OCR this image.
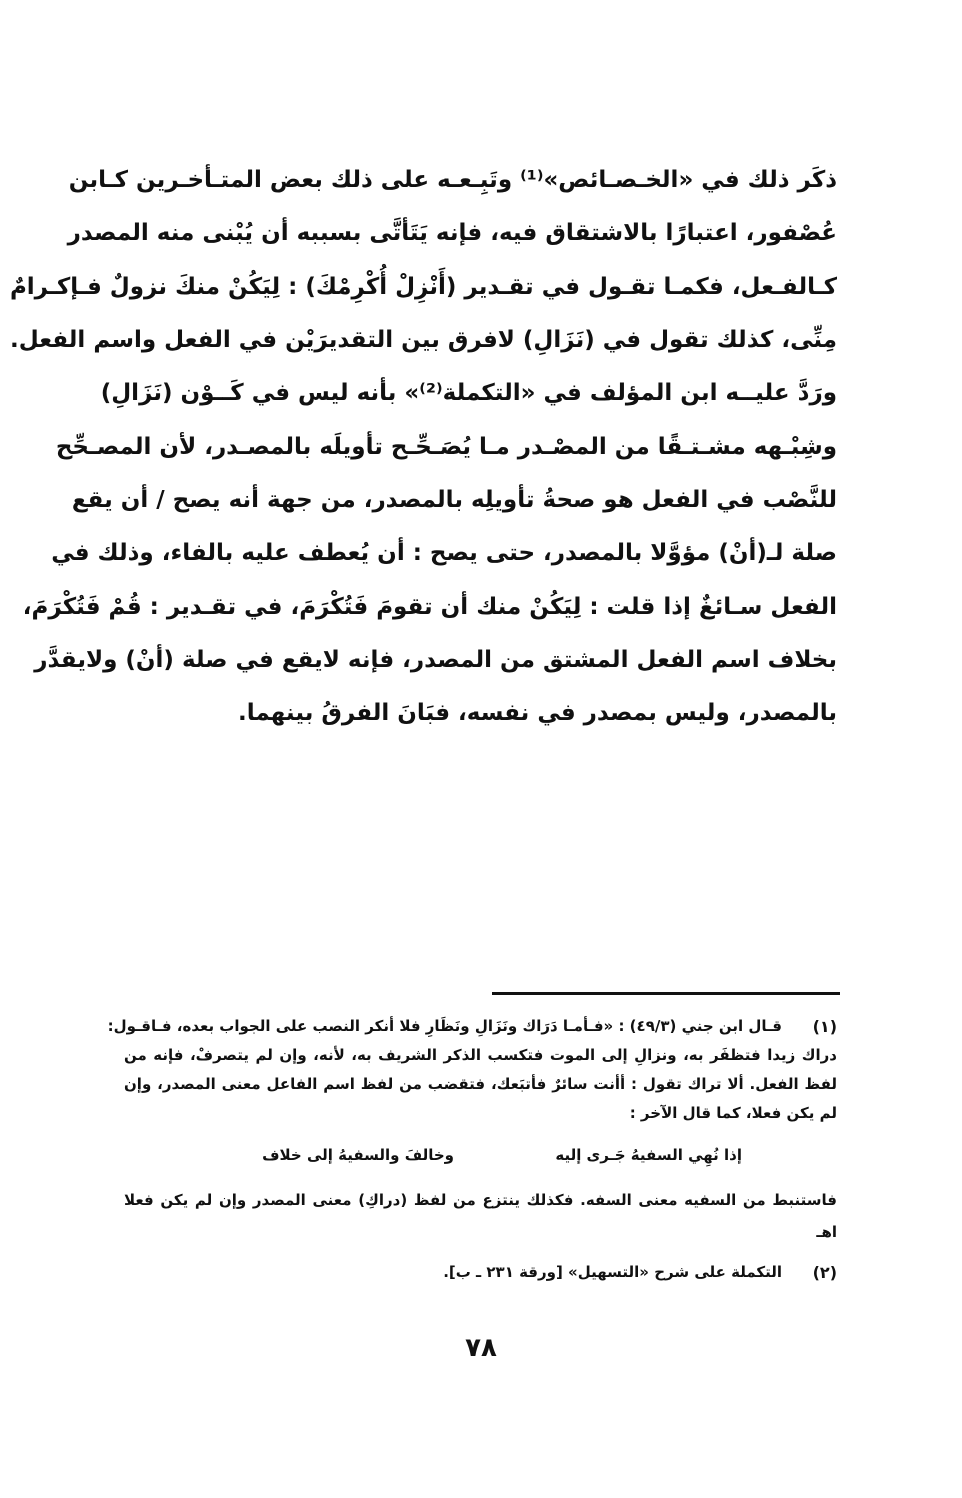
ذكَر ذلك في «الخـصـائص»⁽¹⁾ وتَبِـعـه على ذلك بعض المتـأخـرين كـابن
عُصْفور، اعتبارًا بالاشتقاق فيه، فإنه يَتَأتَّى بسببه أن يُبْنى منه المصدر
كـالفـعل، فكمـا تقـول في تقـدير (أَنْزِلْ أُكْرِمْكَ) : لِيَكُنْ منكَ نزولٌ فـإكـرامٌ
مِنِّى، كذلك تقول في (نَزَالِ) لافرق بين التقديرَيْن في الفعل واسم الفعل.
ورَدَّ عليــه ابن المؤلف في «التكملة⁽²⁾» بأنه ليس في كَــوْن (نَزَالِ)
وشِبْـهه مشـتـقًا من المصْـدر مـا يُصَـحِّـح تأويلَه بالمصـدر، لأن المصـحِّح
للنَّصْب في الفعل هو صحةُ تأويلِه بالمصدر، من جهة أنه يصح / أن يقع
صلة لـ(أنْ) مؤوَّلا بالمصدر، حتى يصح : أن يُعطف عليه بالفاء، وذلك في
الفعل سـائغٌ إذا قلت : لِيَكُنْ منك أن تقومَ فَتُكْرَمَ، في تقـدير : قُمْ فَتُكْرَمَ،
بخلاف اسم الفعل المشتق من المصدر، فإنه لايقع في صلة (أنْ) ولايقدَّر
بالمصدر، وليس بمصدر في نفسه، فبَانَ الفرقُ بينهما.
(١)
قـال ابن جني (٤٩/٣) : «فـأمـا دَرَاك ونَزَالِ ونَظَارِ فلا أنكر النصب على الجواب بعده، فـاقـول:
دراك زيدا فتظفَر به، ونزالِ إلى الموت فتكسب الذكر الشريف به، لأنه، وإن لم يتصرفْ، فإنه من
لفظ الفعل. ألا تراك تقول : أأنت سائرٌ فأتبَعك، فتقضب من لفظ اسم الفاعل معنى المصدر، وإن
لم يكن فعلا، كما قال الآخر :
إذا نُهِي السفيهُ جَـرى إليه
وخالفَ والسفيهُ إلى خلاف
فاستنبط من السفيه معنى السفه. فكذلك ينتزع من لفظ (دراكِ) معنى المصدر وإن لم يكن فعلا
اهـ
(٢)
التكملة على شرح «التسهيل» [ورقة ٢٣١ ـ ب].
٧٨
